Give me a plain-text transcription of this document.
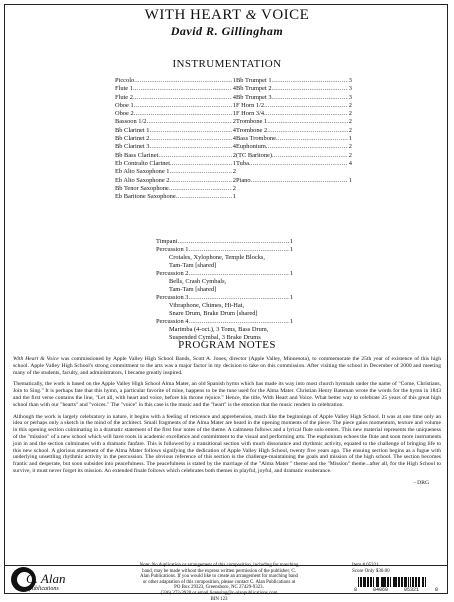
WITH HEART & VOICE
David R. Gillingham
INSTRUMENTATION
Piccolo .....	1
Flute 1 .....	4
Flute 2 .....	4
Oboe 1 .....	1
Oboe 2 .....	1
Bassoon 1/2 .....	2
Bb Clarinet 1 .....	4
Bb Clarinet 2 .....	4
Bb Clarinet 3 .....	4
Bb Bass Clarinet .....	2
Eb Contralto Clarinet .....	1
Eb Alto Saxophone 1 .....	2
Eb Alto Saxophone 2 .....	2
Bb Tenor Saxophone .....	2
Eb Baritone Saxophone .....	1
Bb Trumpet 1 .....	3
Bb Trumpet 2 .....	3
Bb Trumpet 3 .....	3
F Horn 1/2 .....	2
F Horn 3/4 .....	2
Trombone 1 .....	2
Trombone 2 .....	2
Bass Trombone .....	1
Euphonium .....	2
(TC Baritone) .....	2
Tuba .....	4
Piano .....	1
Timpani .....	1
Percussion 1 .....	1
Crotales, Xylophone, Temple Blocks,
Tam-Tam [shared]
Percussion 2 .....	1
Bells, Crash Cymbals,
Tam-Tam [shared]
Percussion 3 .....	1
Vibraphone, Chimes, Hi-Hat,
Snare Drum, Brake Drum [shared]
Percussion 4 .....	1
Marimba (4-oct.), 3 Toms, Bass Drum,
Suspended Cymbal, 3 Brake Drums
PROGRAM NOTES

With Heart & Voice was commissioned by Apple Valley High School Bands, Scott A. Jones, director (Apple Valley, Minnesota), to commemorate the 25th year of existence of this high school. Apple Valley High School's strong commitment to the arts was a major factor in my decision to take on this commission. After visiting the school in December of 2000 and meeting many of the students, faculty, and administrators, I became greatly inspired.

Thematically, the work is based on the Apple Valley High School Alma Mater, an old Spanish hymn which has made its way into most church hymnals under the name of "Come, Christians, Join to Sing." It is perhaps fate that this hymn, a particular favorite of mine, happens to be the tune used for the Alma Mater. Christian Henry Bateman wrote the words for the hymn in 1843 and the first verse contains the line, "Let all, with heart and voice, before his throne rejoice." Hence, the title, With Heart and Voice. What better way to celebrate 25 years of this great high school than with our "hearts" and "voices." The "voice" in this case is the music and the "heart" is the emotion that the music renders in celebration.

Although the work is largely celebratory in nature, it begins with a feeling of reticence and apprehension, much like the beginnings of Apple Valley High School. It was at one time only an idea or perhaps only a sketch in the mind of the architect. Small fragments of the Alma Mater are heard in the opening moments of the piece. The piece gains momentum, texture and volume in this opening section culminating in a dramatic statement of the first four notes of the theme. A calmness follows and a lyrical flute solo enters. This new material represents the uniqueness of the "mission" of a new school which will have roots in academic excellence and commitment to the visual and performing arts. The euphonium echoes the flute and soon more instruments join in and the section culminates with a dramatic fanfare. This is followed by a transitional section with much dissonance and rhythmic activity, equated to the challenge of bringing life to this new school. A glorious statement of the Alma Mater follows signifying the dedication of Apple Valley High School, twenty five years ago. The ensuing section begins as a fugue with underlying unsettling rhythmic activity in the percussion. The obvious reference of this section is the challenge-maintaining the goals and mission of the high school. The section becomes frantic and desperate, but soon subsides into peacefulness. The peacefulness is stated by the marriage of the "Alma Mater " theme and the "Mission" theme...after all, for the High School to survive, it must never forget its mission. An extended finale follows which celebrates both themes in playful, joyful, and dramatic exuberance.

- DRG
C. Alan
publications
Note: No duplication or arrangement of this composition, including for marching
band, may be made without the express written permission of the publisher, C.
Alan Publications. If you would like to create an arrangement for marching band
or other adaptation of this composition, please contact C. Alan Publications at
PO Box 29323, Greensboro, NC 27429-9323.
(336) 272-3920 or email licensing@c-alanpublications.com
BIN 123
Item # 05321
Score Only $30.00
8	04069	05321	8
